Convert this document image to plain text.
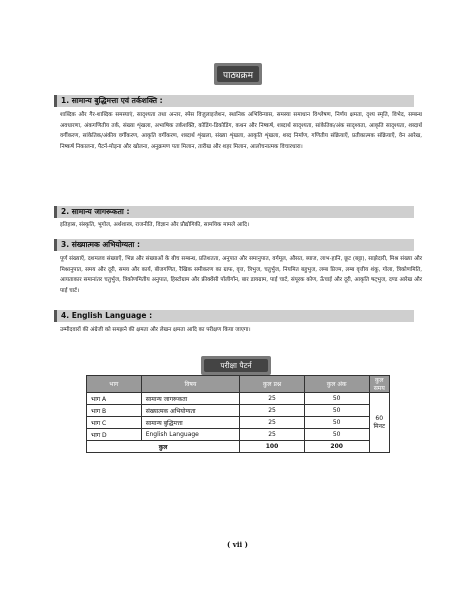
पाठ्यक्रम
1. सामान्य बुद्धिमत्ता एवं तर्कशक्ति :
शाब्दिक और गैर-शाब्दिक समस्याएं, सादृश्यता तथा अन्तर, स्पेस विज़ुलाइजेशन, स्थानिक अभिविन्यास, समस्या समाधान विश्लेषण, निर्णय क्षमता, दृश्य स्मृति, विभेद, सम्बन्ध अवधारणा, अंकगणितीय तर्क, संख्या शृंखला, अभाषिक तर्कशक्ति, कोडिंग-डिकोडिंग, कथन और निष्कर्ष, शब्दार्थ सादृश्यता, सांकेतिक/अंक सादृश्यता, आकृति सादृश्यता, शब्दार्थ वर्गीकरण, सांकेतिक/अंकीय वर्गीकरण, आकृति वर्गीकरण, शब्दार्थ शृंखला, संख्या शृंखला, आकृति शृंखला, शब्द निर्माण, गणितीय संक्रियाएँ, प्रतीकात्मक संक्रियाएँ, वेन आरेख, निष्कर्ष निकालना, पैटर्न-मोड़ना और खोलना, अनुक्रमण पता मिलान, तारीख और शहर मिलान, आलोचनात्मक विचारधारा।
2. सामान्य जागरूकता :
इतिहास, संस्कृति, भूगोल, अर्थशास्त्र, राजनीति, विज्ञान और प्रौद्योगिकी, सामयिक मामले आदि।
3. संख्यात्मक अभियोग्यता :
पूर्ण संख्याएँ, दशमलव संख्याएँ, भिन्न और संख्याओं के बीच सम्बन्ध, प्रतिशतता, अनुपात और समानुपात, वर्गमूल, औसत, ब्याज, लाभ-हानि, छूट (बट्टा), साझेदारी, मिश्र संख्या और मिश्रानुपात, समय और दूरी, समय और कार्य, बीजगणित, रैखिक समीकरण का ग्राफ, वृत्त, त्रिभुज, चतुर्भुज, नियमित बहुभुज, लम्ब प्रिज्म, लम्ब वृत्तीय शंकु, गोला, त्रिकोणमिति, आयताकार समानांतर चतुर्भुज, त्रिकोणमितीय अनुपात, हिस्टोग्राम और फ्रीक्वेंसी पॉलीगॉन, बार डायग्राम, पाई चार्ट, संपूरक कोण, ऊँचाई और दूरी, आकृति षट्भुज, दण्ड आरेख और पाई चार्ट।
4. English Language :
उम्मीदवारों की अंग्रेजी को समझने की क्षमता और लेखन क्षमता आदि का परीक्षण किया जाएगा।
परीक्षा पैटर्न
भाग	विषय	कुल प्रश्न	कुल अंक	कुल समय
भाग A	सामान्य जागरूकता	25	50	60 मिनट
भाग B	संख्यात्मक अभियोग्यता	25	50	
भाग C	सामान्य बुद्धिमत्ता	25	50	
भाग D	English Language	25	50	
कुल		100	200	
( vii )
